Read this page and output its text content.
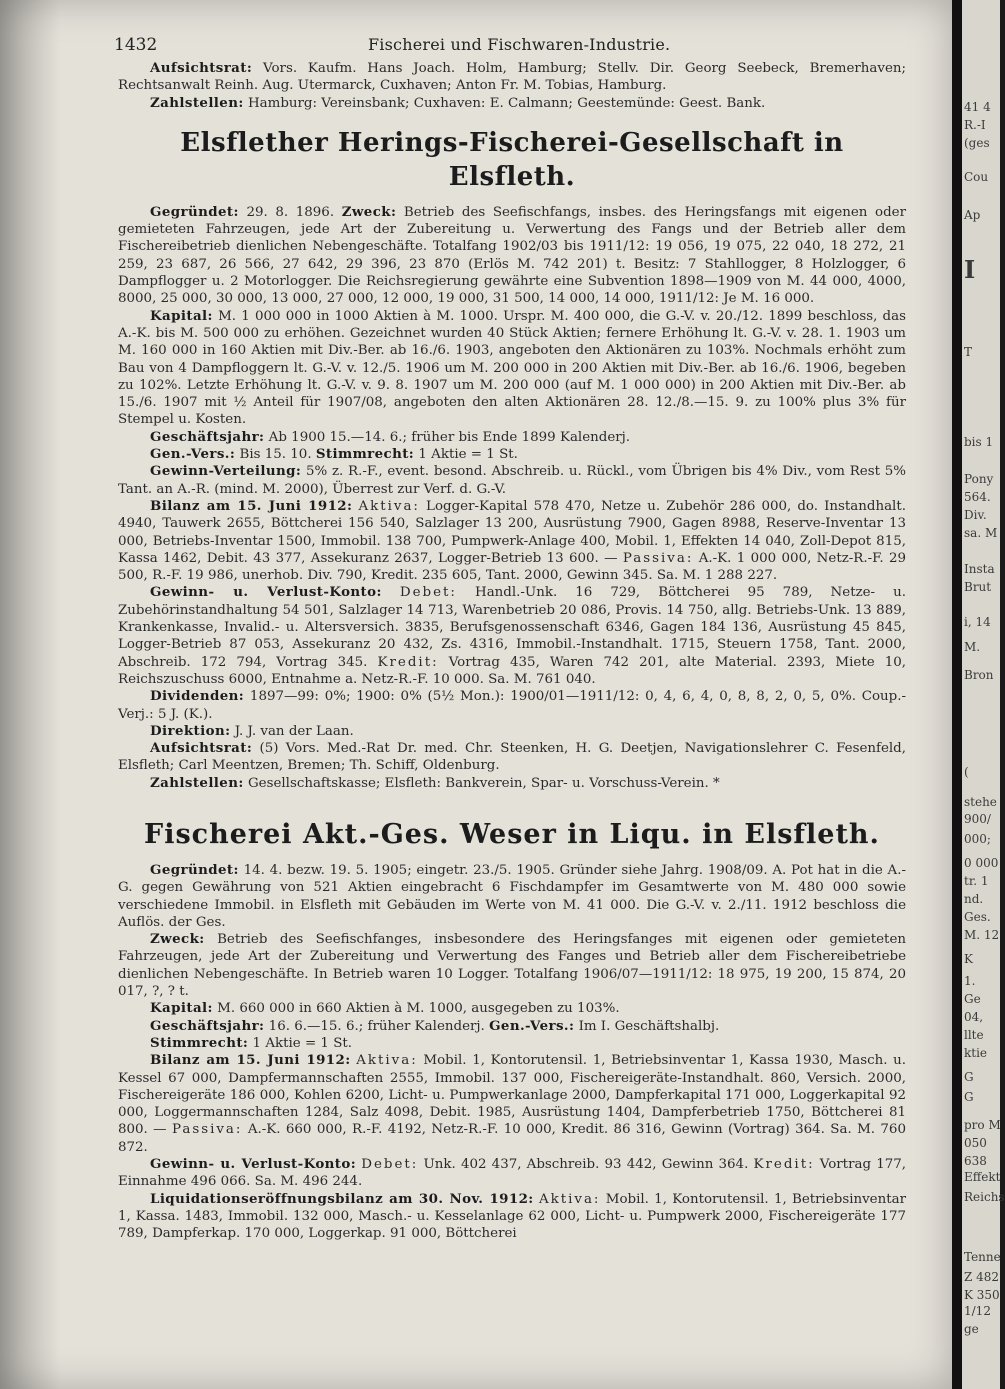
1432	Fischerei und Fischwaren-Industrie.

Aufsichtsrat: Vors. Kaufm. Hans Joach. Holm, Hamburg; Stellv. Dir. Georg Seebeck, Bremerhaven; Rechtsanwalt Reinh. Aug. Utermarck, Cuxhaven; Anton Fr. M. Tobias, Hamburg.

Zahlstellen: Hamburg: Vereinsbank; Cuxhaven: E. Calmann; Geestemünde: Geest. Bank.

Elsflether Herings-Fischerei-Gesellschaft in Elsfleth.

Gegründet: 29. 8. 1896. Zweck: Betrieb des Seefischfangs, insbes. des Heringsfangs mit eigenen oder gemieteten Fahrzeugen, jede Art der Zubereitung u. Verwertung des Fangs und der Betrieb aller dem Fischereibetrieb dienlichen Nebengeschäfte. Totalfang 1902/03 bis 1911/12: 19 056, 19 075, 22 040, 18 272, 21 259, 23 687, 26 566, 27 642, 29 396, 23 870 (Erlös M. 742 201) t. Besitz: 7 Stahllogger, 8 Holzlogger, 6 Dampflogger u. 2 Motorlogger. Die Reichsregierung gewährte eine Subvention 1898—1909 von M. 44 000, 4000, 8000, 25 000, 30 000, 13 000, 27 000, 12 000, 19 000, 31 500, 14 000, 14 000, 1911/12: Je M. 16 000.

Kapital: M. 1 000 000 in 1000 Aktien à M. 1000. Urspr. M. 400 000, die G.-V. v. 20./12. 1899 beschloss, das A.-K. bis M. 500 000 zu erhöhen. Gezeichnet wurden 40 Stück Aktien; fernere Erhöhung lt. G.-V. v. 28. 1. 1903 um M. 160 000 in 160 Aktien mit Div.-Ber. ab 16./6. 1903, angeboten den Aktionären zu 103%. Nochmals erhöht zum Bau von 4 Dampfloggern lt. G.-V. v. 12./5. 1906 um M. 200 000 in 200 Aktien mit Div.-Ber. ab 16./6. 1906, begeben zu 102%. Letzte Erhöhung lt. G.-V. v. 9. 8. 1907 um M. 200 000 (auf M. 1 000 000) in 200 Aktien mit Div.-Ber. ab 15./6. 1907 mit ½ Anteil für 1907/08, angeboten den alten Aktionären 28. 12./8.—15. 9. zu 100% plus 3% für Stempel u. Kosten.

Geschäftsjahr: Ab 1900 15.—14. 6.; früher bis Ende 1899 Kalenderj.

Gen.-Vers.: Bis 15. 10. Stimmrecht: 1 Aktie = 1 St.

Gewinn-Verteilung: 5% z. R.-F., event. besond. Abschreib. u. Rückl., vom Übrigen bis 4% Div., vom Rest 5% Tant. an A.-R. (mind. M. 2000), Überrest zur Verf. d. G.-V.

Bilanz am 15. Juni 1912: Aktiva: Logger-Kapital 578 470, Netze u. Zubehör 286 000, do. Instandhalt. 4940, Tauwerk 2655, Böttcherei 156 540, Salzlager 13 200, Ausrüstung 7900, Gagen 8988, Reserve-Inventar 13 000, Betriebs-Inventar 1500, Immobil. 138 700, Pumpwerk-Anlage 400, Mobil. 1, Effekten 14 040, Zoll-Depot 815, Kassa 1462, Debit. 43 377, Assekuranz 2637, Logger-Betrieb 13 600. — Passiva: A.-K. 1 000 000, Netz-R.-F. 29 500, R.-F. 19 986, unerhob. Div. 790, Kredit. 235 605, Tant. 2000, Gewinn 345. Sa. M. 1 288 227.

Gewinn- u. Verlust-Konto: Debet: Handl.-Unk. 16 729, Böttcherei 95 789, Netze- u. Zubehörinstandhaltung 54 501, Salzlager 14 713, Warenbetrieb 20 086, Provis. 14 750, allg. Betriebs-Unk. 13 889, Krankenkasse, Invalid.- u. Altersversich. 3835, Berufsgenossenschaft 6346, Gagen 184 136, Ausrüstung 45 845, Logger-Betrieb 87 053, Assekuranz 20 432, Zs. 4316, Immobil.-Instandhalt. 1715, Steuern 1758, Tant. 2000, Abschreib. 172 794, Vortrag 345. Kredit: Vortrag 435, Waren 742 201, alte Material. 2393, Miete 10, Reichszuschuss 6000, Entnahme a. Netz-R.-F. 10 000. Sa. M. 761 040.

Dividenden: 1897—99: 0%; 1900: 0% (5½ Mon.): 1900/01—1911/12: 0, 4, 6, 4, 0, 8, 8, 2, 0, 5, 0%. Coup.-Verj.: 5 J. (K.).

Direktion: J. J. van der Laan.

Aufsichtsrat: (5) Vors. Med.-Rat Dr. med. Chr. Steenken, H. G. Deetjen, Navigationslehrer C. Fesenfeld, Elsfleth; Carl Meentzen, Bremen; Th. Schiff, Oldenburg.

Zahlstellen: Gesellschaftskasse; Elsfleth: Bankverein, Spar- u. Vorschuss-Verein. *

Fischerei Akt.-Ges. Weser in Liqu. in Elsfleth.

Gegründet: 14. 4. bezw. 19. 5. 1905; eingetr. 23./5. 1905. Gründer siehe Jahrg. 1908/09. A. Pot hat in die A.-G. gegen Gewährung von 521 Aktien eingebracht 6 Fischdampfer im Gesamtwerte von M. 480 000 sowie verschiedene Immobil. in Elsfleth mit Gebäuden im Werte von M. 41 000. Die G.-V. v. 2./11. 1912 beschloss die Auflös. der Ges.

Zweck: Betrieb des Seefischfanges, insbesondere des Heringsfanges mit eigenen oder gemieteten Fahrzeugen, jede Art der Zubereitung und Verwertung des Fanges und Betrieb aller dem Fischereibetriebe dienlichen Nebengeschäfte. In Betrieb waren 10 Logger. Totalfang 1906/07—1911/12: 18 975, 19 200, 15 874, 20 017, ?, ? t.

Kapital: M. 660 000 in 660 Aktien à M. 1000, ausgegeben zu 103%.

Geschäftsjahr: 16. 6.—15. 6.; früher Kalenderj. Gen.-Vers.: Im I. Geschäftshalbj.

Stimmrecht: 1 Aktie = 1 St.

Bilanz am 15. Juni 1912: Aktiva: Mobil. 1, Kontorutensil. 1, Betriebsinventar 1, Kassa 1930, Masch. u. Kessel 67 000, Dampfermannschaften 2555, Immobil. 137 000, Fischereigeräte-Instandhalt. 860, Versich. 2000, Fischereigeräte 186 000, Kohlen 6200, Licht- u. Pumpwerkanlage 2000, Dampferkapital 171 000, Loggerkapital 92 000, Loggermannschaften 1284, Salz 4098, Debit. 1985, Ausrüstung 1404, Dampferbetrieb 1750, Böttcherei 81 800. — Passiva: A.-K. 660 000, R.-F. 4192, Netz-R.-F. 10 000, Kredit. 86 316, Gewinn (Vortrag) 364. Sa. M. 760 872.

Gewinn- u. Verlust-Konto: Debet: Unk. 402 437, Abschreib. 93 442, Gewinn 364. Kredit: Vortrag 177, Einnahme 496 066. Sa. M. 496 244.

Liquidationseröffnungsbilanz am 30. Nov. 1912: Aktiva: Mobil. 1, Kontorutensil. 1, Betriebsinventar 1, Kassa. 1483, Immobil. 132 000, Masch.- u. Kesselanlage 62 000, Licht- u. Pumpwerk 2000, Fischereigeräte 177 789, Dampferkap. 170 000, Loggerkap. 91 000, Böttcherei

41 4
R.-I
(ges
Cou
Ap
I
T
bis 1
Pony
564.
Div.
sa. M
Insta
Brut
i, 14
M.
Bron
(
stehe
900/
000;
0 000
tr. 1
nd.
Ges.
M. 12
K
1.
Ge
04,
llte
ktie
G
G
pro M
050
638
Effekt
Reichs
Tenne
Z 482
K 350
1/12
ge
